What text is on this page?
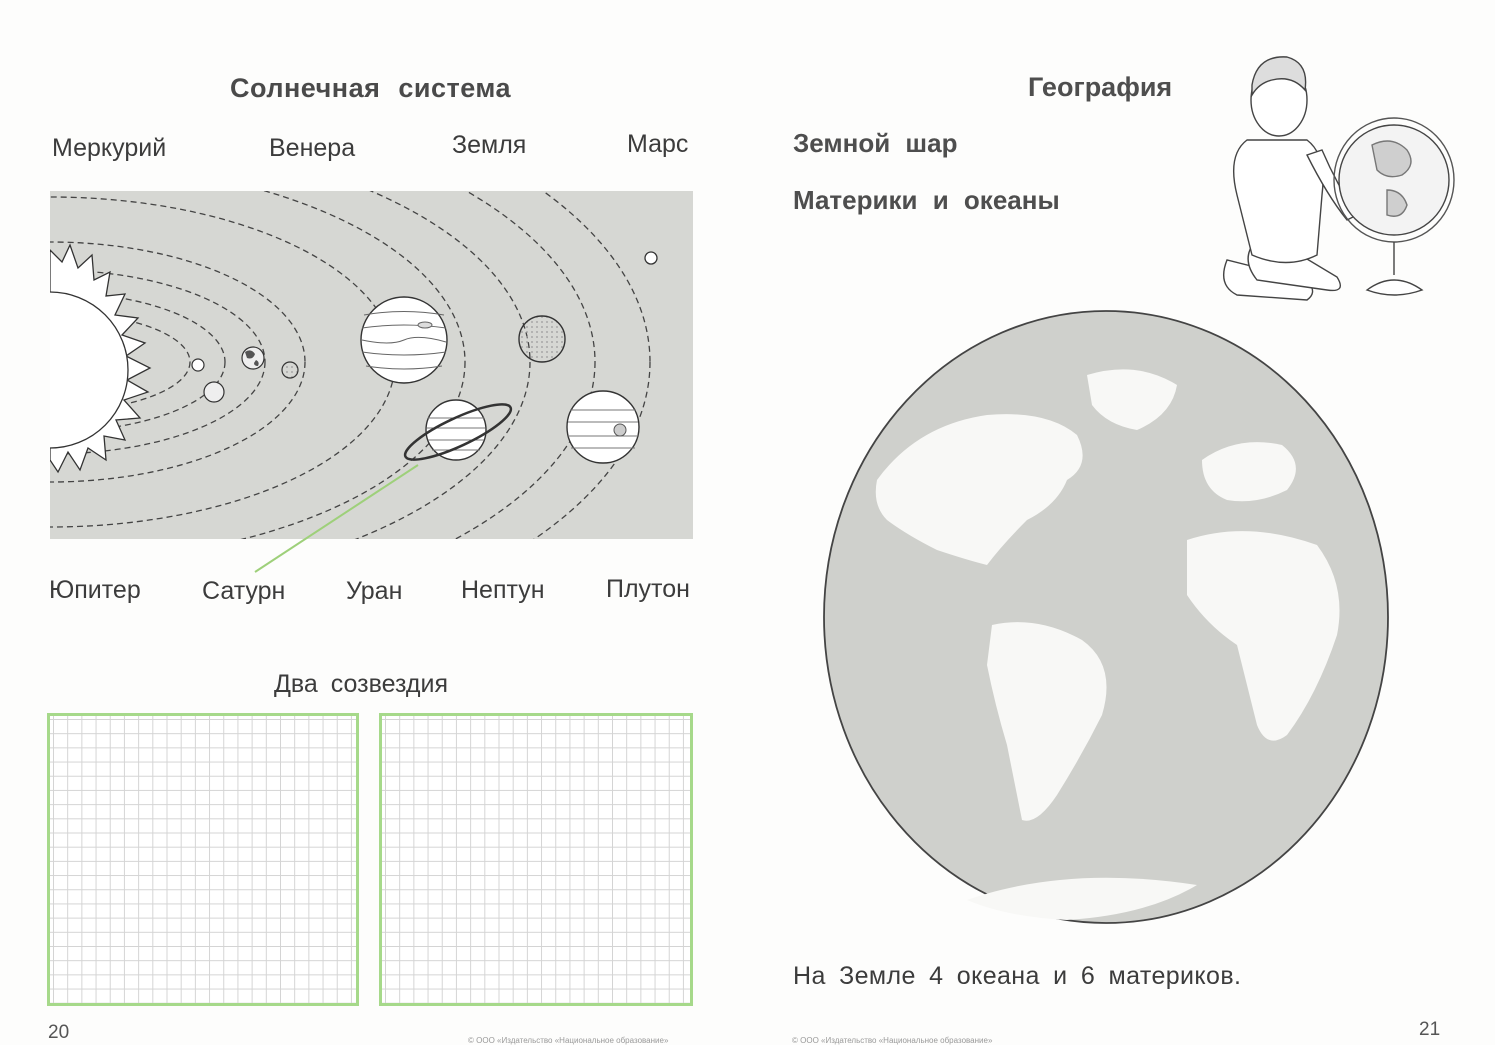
Солнечная система
Меркурий	Венера	Земля	Марс
Юпитер Сатурн Уран Нептун Плутон
Два созвездия
20	© ООО «Издательство «Национальное образование»
География
Земной шар
Материки и океаны
На Земле 4 океана и 6 материков.
© ООО «Издательство «Национальное образование»
21
